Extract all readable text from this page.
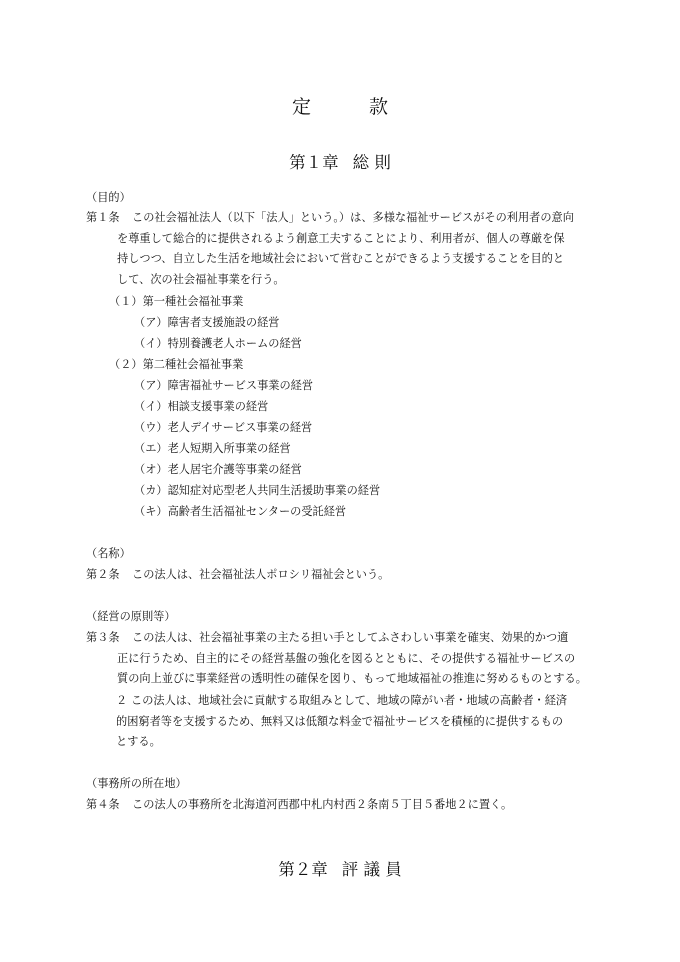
定	款
第１章 総 則
（目的）
第１条 この社会福祉法人（以下「法人」という。）は、多様な福祉サービスがその利用者の意向
を尊重して総合的に提供されるよう創意工夫することにより、利用者が、個人の尊厳を保
持しつつ、自立した生活を地域社会において営むことができるよう支援することを目的と
して、次の社会福祉事業を行う。
（１）第一種社会福祉事業
（ア）障害者支援施設の経営
（イ）特別養護老人ホームの経営
（２）第二種社会福祉事業
（ア）障害福祉サービス事業の経営
（イ）相談支援事業の経営
（ウ）老人デイサービス事業の経営
（エ）老人短期入所事業の経営
（オ）老人居宅介護等事業の経営
（カ）認知症対応型老人共同生活援助事業の経営
（キ）高齢者生活福祉センターの受託経営
（名称）
第２条 この法人は、社会福祉法人ポロシリ福祉会という。
（経営の原則等）
第３条 この法人は、社会福祉事業の主たる担い手としてふさわしい事業を確実、効果的かつ適
正に行うため、自主的にその経営基盤の強化を図るとともに、その提供する福祉サービスの
質の向上並びに事業経営の透明性の確保を図り、もって地域福祉の推進に努めるものとする。
２ この法人は、地域社会に貢献する取組みとして、地域の障がい者・地域の高齢者・経済
的困窮者等を支援するため、無料又は低額な料金で福祉サービスを積極的に提供するもの
とする。
（事務所の所在地）
第４条 この法人の事務所を北海道河西郡中札内村西２条南５丁目５番地２に置く。
第２章 評 議 員
